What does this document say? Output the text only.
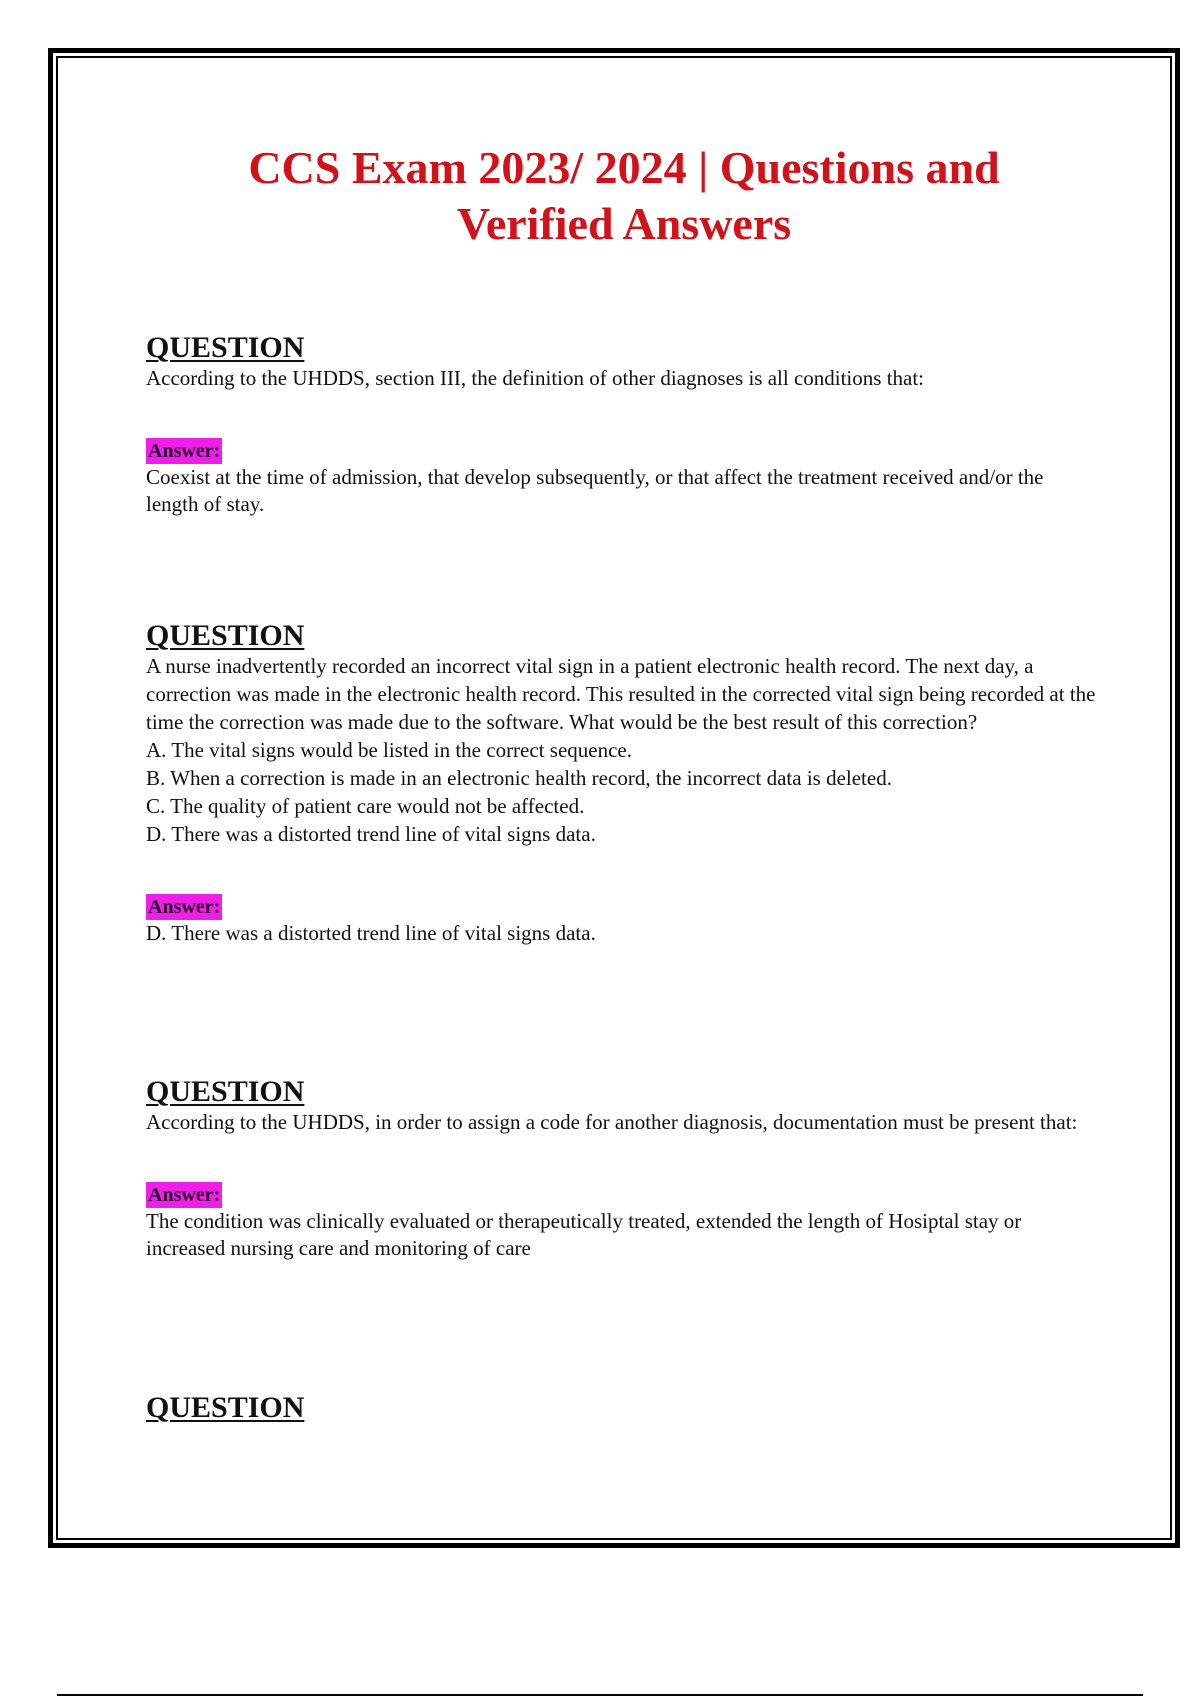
CCS Exam 2023/ 2024 | Questions and
Verified Answers
QUESTION

According to the UHDDS, section III, the definition of other diagnoses is all conditions that:

Answer:

Coexist at the time of admission, that develop subsequently, or that affect the treatment received and/or the length of stay.

QUESTION

A nurse inadvertently recorded an incorrect vital sign in a patient electronic health record. The next day, a correction was made in the electronic health record. This resulted in the corrected vital sign being recorded at the time the correction was made due to the software. What would be the best result of this correction?

A. The vital signs would be listed in the correct sequence.
B. When a correction is made in an electronic health record, the incorrect data is deleted.
C. The quality of patient care would not be affected.
D. There was a distorted trend line of vital signs data.
Answer:

D. There was a distorted trend line of vital signs data.

QUESTION

According to the UHDDS, in order to assign a code for another diagnosis, documentation must be present that:

Answer:

The condition was clinically evaluated or therapeutically treated, extended the length of Hosiptal stay or increased nursing care and monitoring of care

QUESTION
